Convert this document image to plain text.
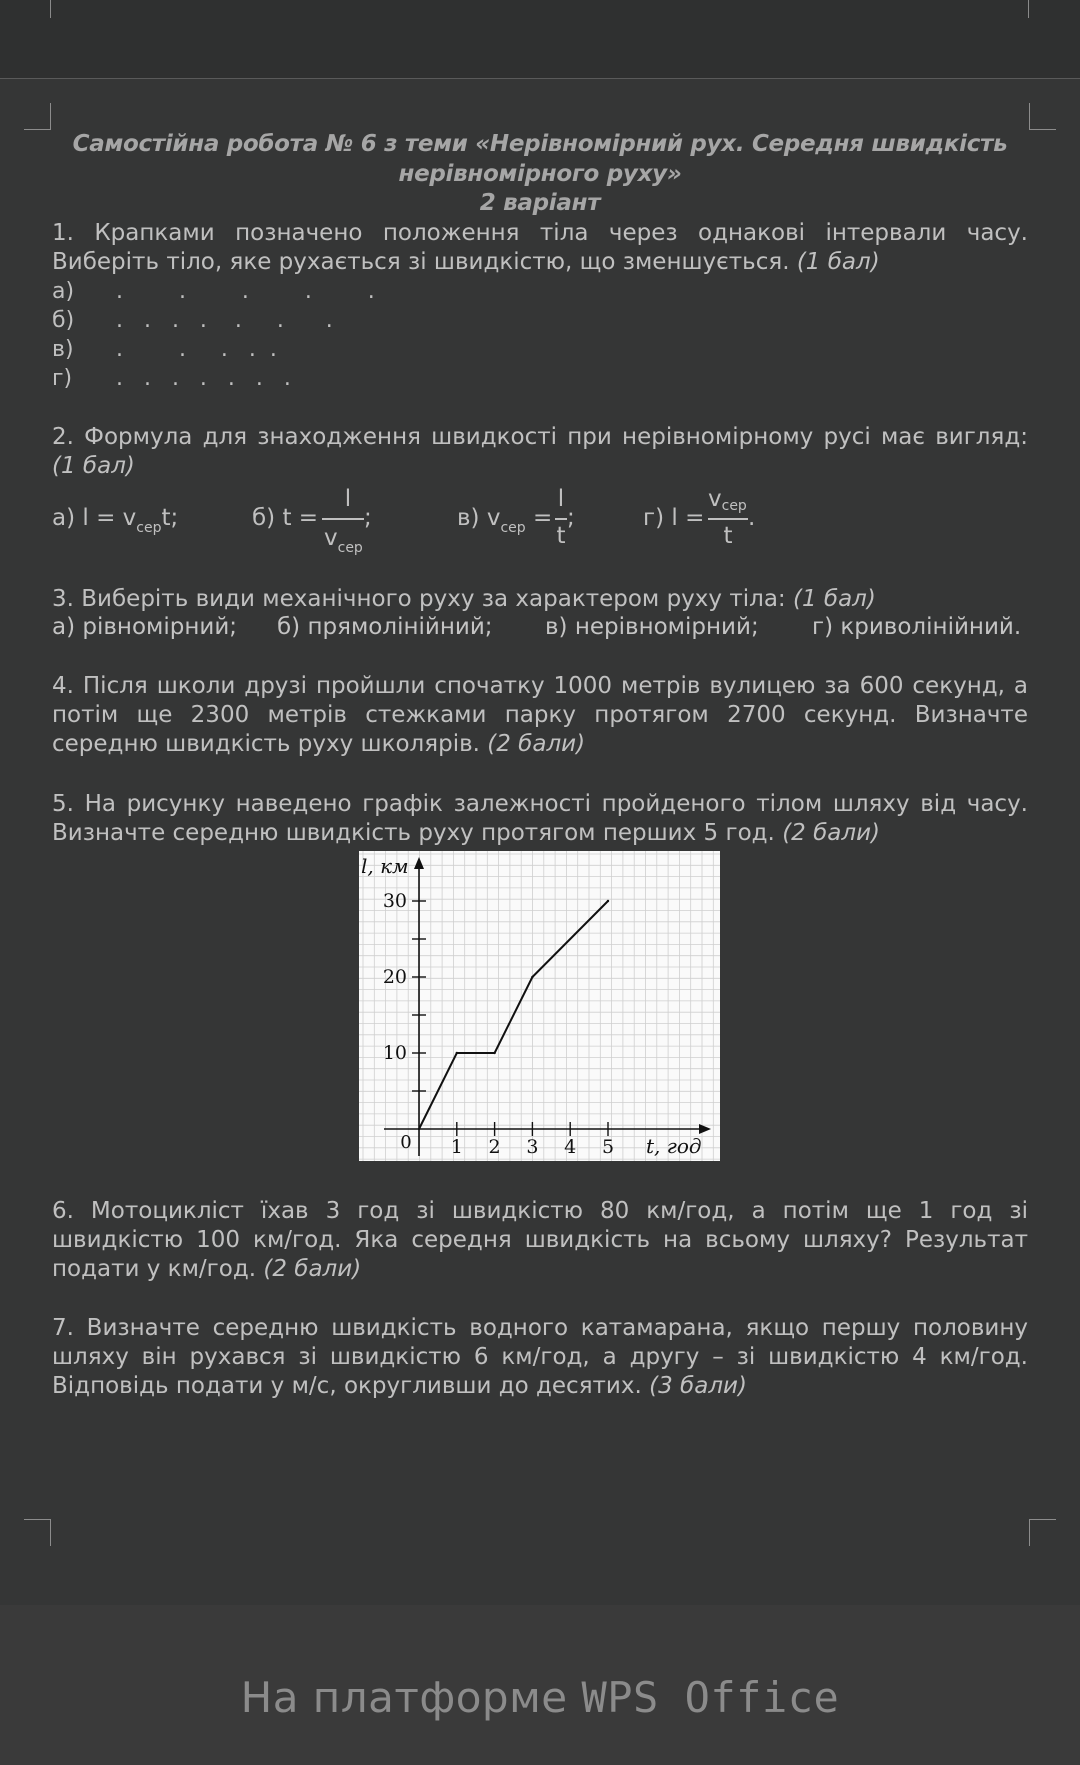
Самостійна робота № 6 з теми «Нерівномірний рух. Середня швидкість
нерівномірного руху»
2 варіант
1. Крапками позначено положення тіла через однакові інтервали часу. Виберіть тіло, яке рухається зі швидкістю, що зменшується. (1 бал)
а) .        .        .        .        .
б) .   .   .   .    .     .      .
в) .        .     .   .  .
г) .   .   .   .   .   .   .
2. Формула для знаходження швидкості при нерівномірному русі має вигляд: (1 бал)
а) $l = v_{сер}t$;	б) t =
l
$v_{сер}$
;	в) $v_{сер}$ =
l
t
;	г) l =
vсер
t
.
3. Виберіть види механічного руху за характером руху тіла: (1 бал)
а) рівномірний; б) прямолінійний; в) нерівномірний; г) криволінійний.
4. Після школи друзі пройшли спочатку 1000 метрів вулицею за 600 секунд, а потім ще 2300 метрів стежками парку протягом 2700 секунд. Визначте середню швидкість руху школярів. (2 бали)
5. На рисунку наведено графік залежності пройденого тілом шляху від часу. Визначте середню швидкість руху протягом перших 5 год. (2 бали)
1 2 3 4 5
10
20
30
0
l, км
t, год
6. Мотоцикліст їхав 3 год зі швидкістю 80 км/год, а потім ще 1 год зі швидкістю 100 км/год. Яка середня швидкість на всьому шляху? Результат подати у км/год. (2 бали)
7. Визначте середню швидкість водного катамарана, якщо першу половину шляху він рухався зі швидкістю 6 км/год, а другу – зі швидкістю 4 км/год. Відповідь подати у м/с, округливши до десятих. (3 бали)
На платформе WPS Office
